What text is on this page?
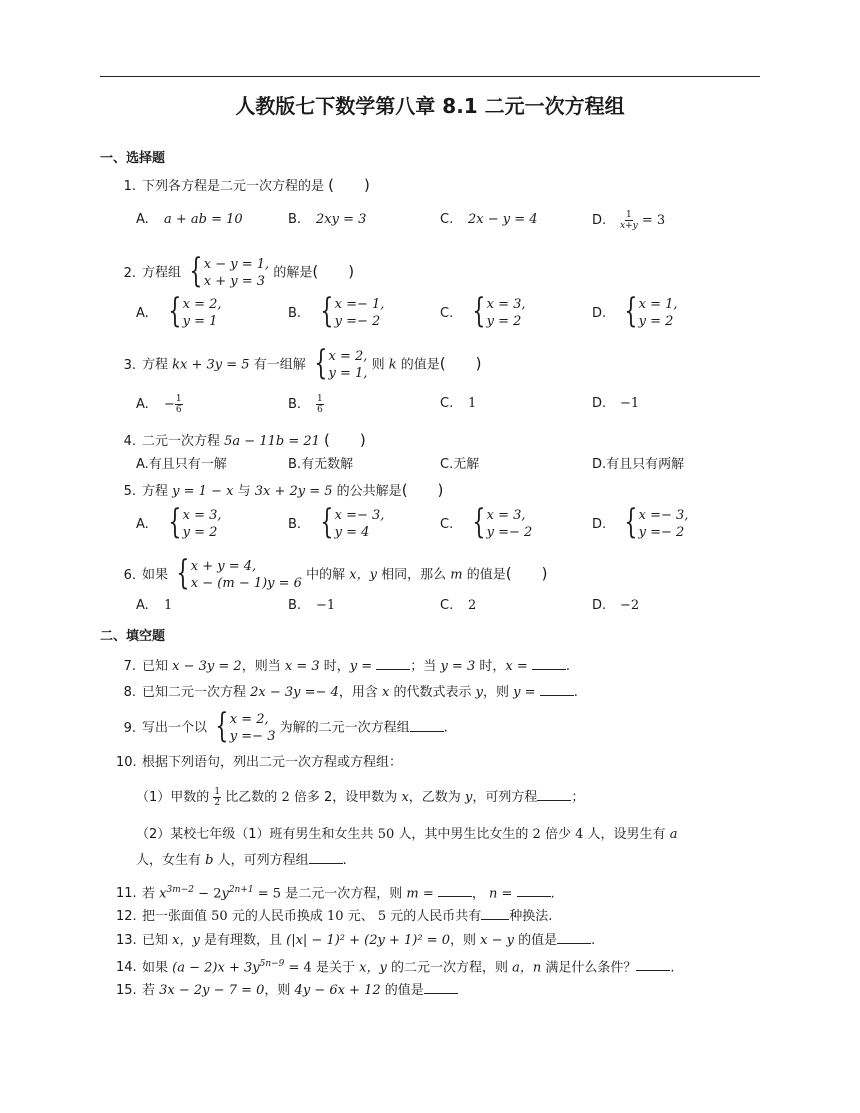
人教版七下数学第八章 8.1 二元一次方程组
一、选择题
1. 下列各方程是二元一次方程的是 (　　)
A. a + ab = 10	B. 2xy = 3	C. 2x − y = 4	D. $\frac{1}{x+y} = 3$
2. 方程组 { x − y = 1,
x + y = 3
的解是(　　)
A. { x = 2,
y = 1
B. { x =− 1,
y =− 2
C. { x = 3,
y = 2
D. { x = 1,
y = 2
3. 方程 kx + 3y = 5 有一组解 { x = 2,
y = 1,
则 k 的值是(　　)
A. − $\frac{1}{6}$	B. $\frac{1}{6}$	C. 1	D. −1
4. 二元一次方程 5a − 11b = 21 (　　)
A.有且只有一解	B.有无数解	C.无解	D.有且只有两解
5. 方程 y = 1 − x 与 3x + 2y = 5 的公共解是(　　)
A. { x = 3,
y = 2
B. { x =− 3,
y = 4
C. { x = 3,
y =− 2
D. { x =− 3,
y =− 2
6. 如果 { x + y = 4,
x − (m − 1)y = 6
中的解 x，y 相同，那么 m 的值是(　　)
A. 1	B. −1	C. 2	D. −2
二、填空题
7. 已知 x − 3y = 2，则当 x = 3 时，y =	；当 y = 3 时，x =	.
8. 已知二元一次方程 2x − 3y =− 4，用含 x 的代数式表示 y，则 y =	.
9. 写出一个以 { x = 2,
y =− 3
为解的二元一次方程组	.
10. 根据下列语句，列出二元一次方程或方程组：
（1）甲数的 $\frac{1}{2}$ 比乙数的 2 倍多 2，设甲数为 x，乙数为 y，可列方程	；
（2）某校七年级（1）班有男生和女生共 50 人，其中男生比女生的 2 倍少 4 人，设男生有 a
人，女生有 b 人，可列方程组	.
11. 若 $x^{3m-2} - 2y^{2n+1} = 5$ 是二元一次方程，则 m =	， n =	.
12. 把一张面值 50 元的人民币换成 10 元、 5 元的人民币共有 种换法.
13. 已知 x，y 是有理数，且 (|x| − 1)² + (2y + 1)² = 0，则 x − y 的值是	.
14. 如果 $(a - 2)x + 3y^{5n-9} = 4$ 是关于 x，y 的二元一次方程，则 a，n 满足什么条件？	.
15. 若 3x − 2y − 7 = 0，则 4y − 6x + 12 的值是
